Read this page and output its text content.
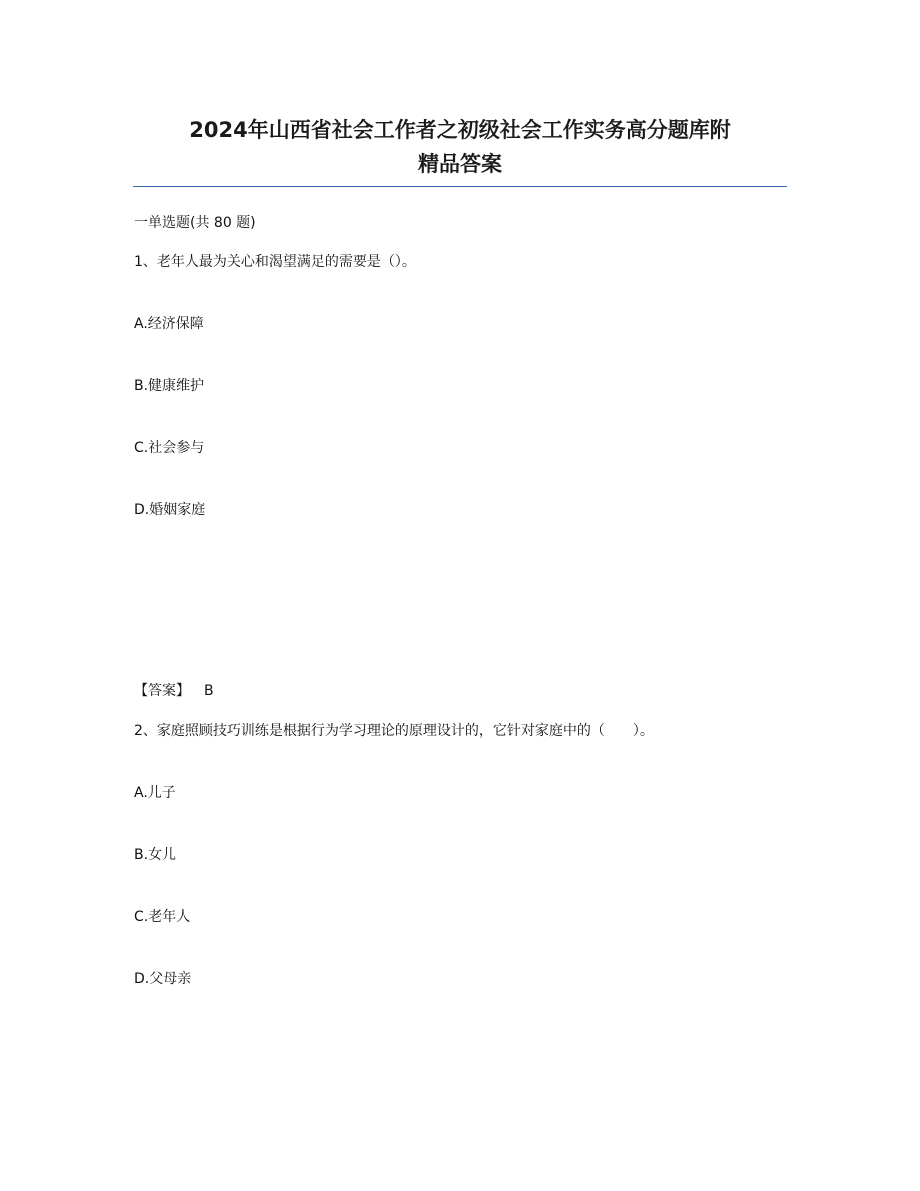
2024年山西省社会工作者之初级社会工作实务高分题库附
精品答案
一单选题(共 80 题)
1、老年人最为关心和渴望满足的需要是（）。
A.经济保障
B.健康维护
C.社会参与
D.婚姻家庭
【答案】 B
2、家庭照顾技巧训练是根据行为学习理论的原理设计的，它针对家庭中的（　　）。
A.儿子
B.女儿
C.老年人
D.父母亲
